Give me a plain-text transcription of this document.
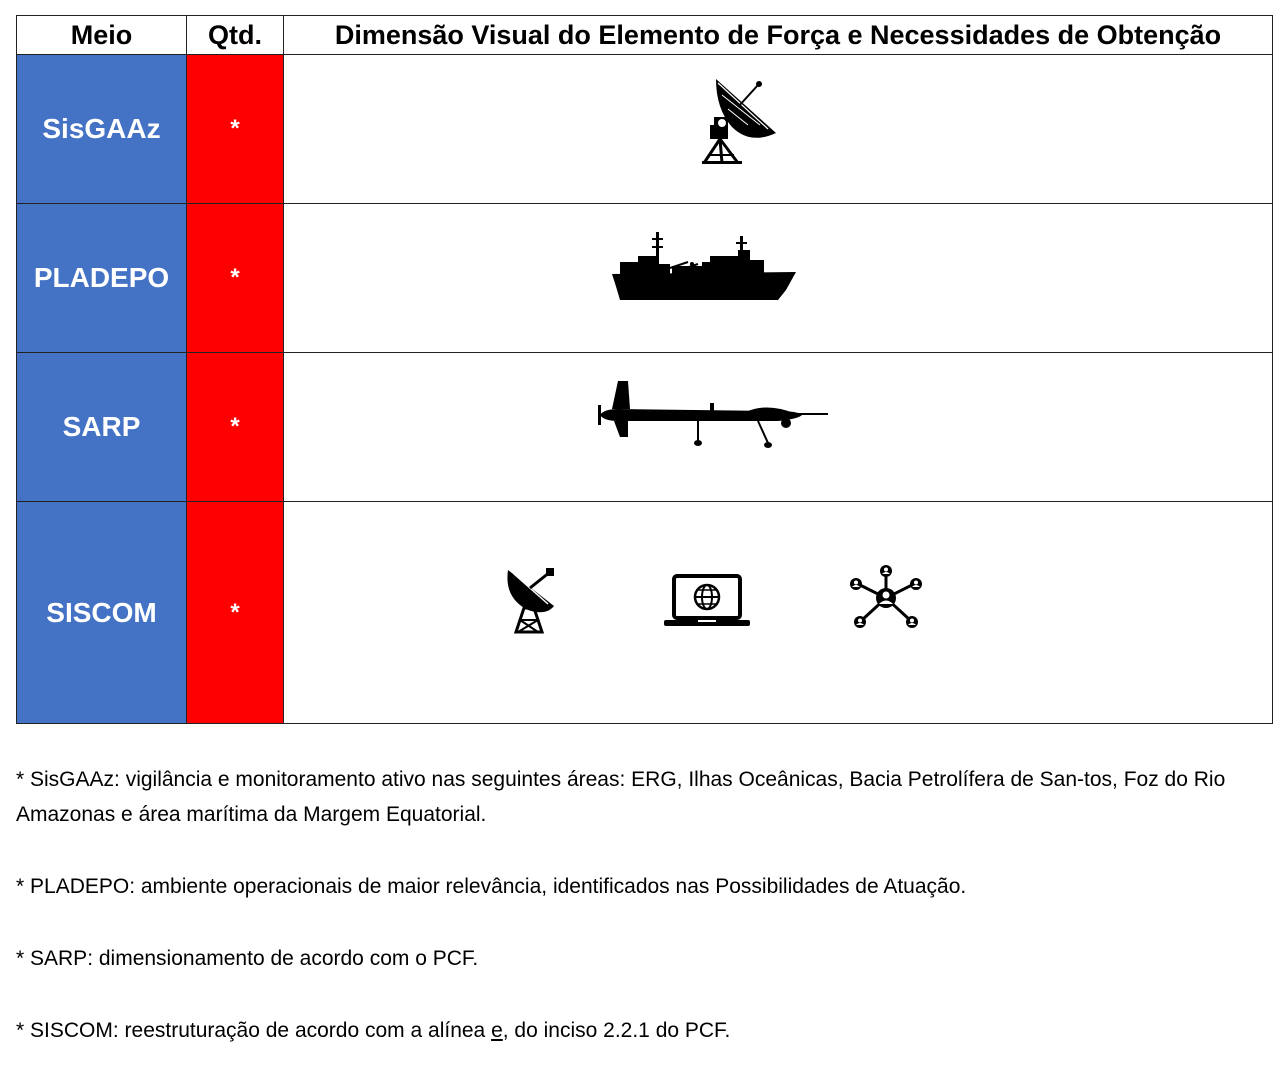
Meio	Qtd.	Dimensão Visual do Elemento de Força e Necessidades de Obtenção
SisGAAz	*	

PLADEPO	*	

SARP	*	

SISCOM	*	

* SisGAAz: vigilância e monitoramento ativo nas seguintes áreas: ERG, Ilhas Oceânicas, Bacia Petrolífera de San-tos, Foz do Rio Amazonas e área marítima da Margem Equatorial.

* PLADEPO: ambiente operacionais de maior relevância, identificados nas Possibilidades de Atuação.

* SARP: dimensionamento de acordo com o PCF.

* SISCOM: reestruturação de acordo com a alínea e, do inciso 2.2.1 do PCF.
